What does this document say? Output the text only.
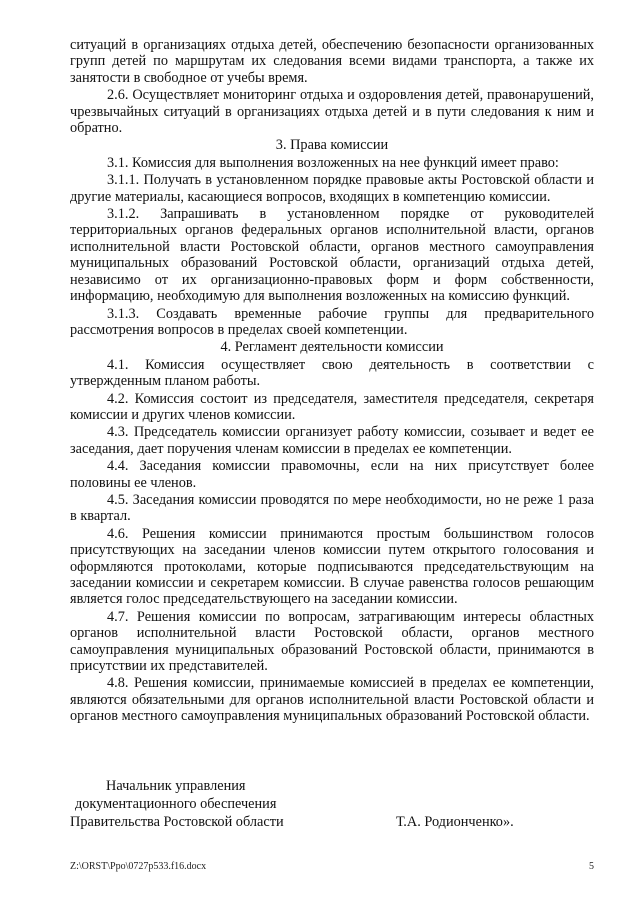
ситуаций в организациях отдыха детей, обеспечению безопасности организованных групп детей по маршрутам их следования всеми видами транспорта, а также их занятости в свободное от учебы время.

2.6. Осуществляет мониторинг отдыха и оздоровления детей, правонарушений, чрезвычайных ситуаций в организациях отдыха детей и в пути следования к ним и обратно.

3. Права комиссии

3.1. Комиссия для выполнения возложенных на нее функций имеет право:

3.1.1. Получать в установленном порядке правовые акты Ростовской области и другие материалы, касающиеся вопросов, входящих в компетенцию комиссии.

3.1.2. Запрашивать в установленном порядке от руководителей территориальных органов федеральных органов исполнительной власти, органов исполнительной власти Ростовской области, органов местного самоуправления муниципальных образований Ростовской области, организаций отдыха детей, независимо от их организационно-правовых форм и форм собственности, информацию, необходимую для выполнения возложенных на комиссию функций.

3.1.3. Создавать временные рабочие группы для предварительного рассмотрения вопросов в пределах своей компетенции.

4. Регламент деятельности комиссии

4.1. Комиссия осуществляет свою деятельность в соответствии с утвержденным планом работы.

4.2. Комиссия состоит из председателя, заместителя председателя, секретаря комиссии и других членов комиссии.

4.3. Председатель комиссии организует работу комиссии, созывает и ведет ее заседания, дает поручения членам комиссии в пределах ее компетенции.

4.4. Заседания комиссии правомочны, если на них присутствует более половины ее членов.

4.5. Заседания комиссии проводятся по мере необходимости, но не реже 1 раза в квартал.

4.6. Решения комиссии принимаются простым большинством голосов присутствующих на заседании членов комиссии путем открытого голосования и оформляются протоколами, которые подписываются председательствующим на заседании комиссии и секретарем комиссии. В случае равенства голосов решающим является голос председательствующего на заседании комиссии.

4.7. Решения комиссии по вопросам, затрагивающим интересы областных органов исполнительной власти Ростовской области, органов местного самоуправления муниципальных образований Ростовской области, принимаются в присутствии их представителей.

4.8. Решения комиссии, принимаемые комиссией в пределах ее компетенции, являются обязательными для органов исполнительной власти Ростовской области и органов местного самоуправления муниципальных образований Ростовской области.

Начальник управления
документационного обеспечения
Правительства Ростовской области	Т.А. Родионченко».
Z:\ORST\Ppo\0727p533.f16.docx	5
